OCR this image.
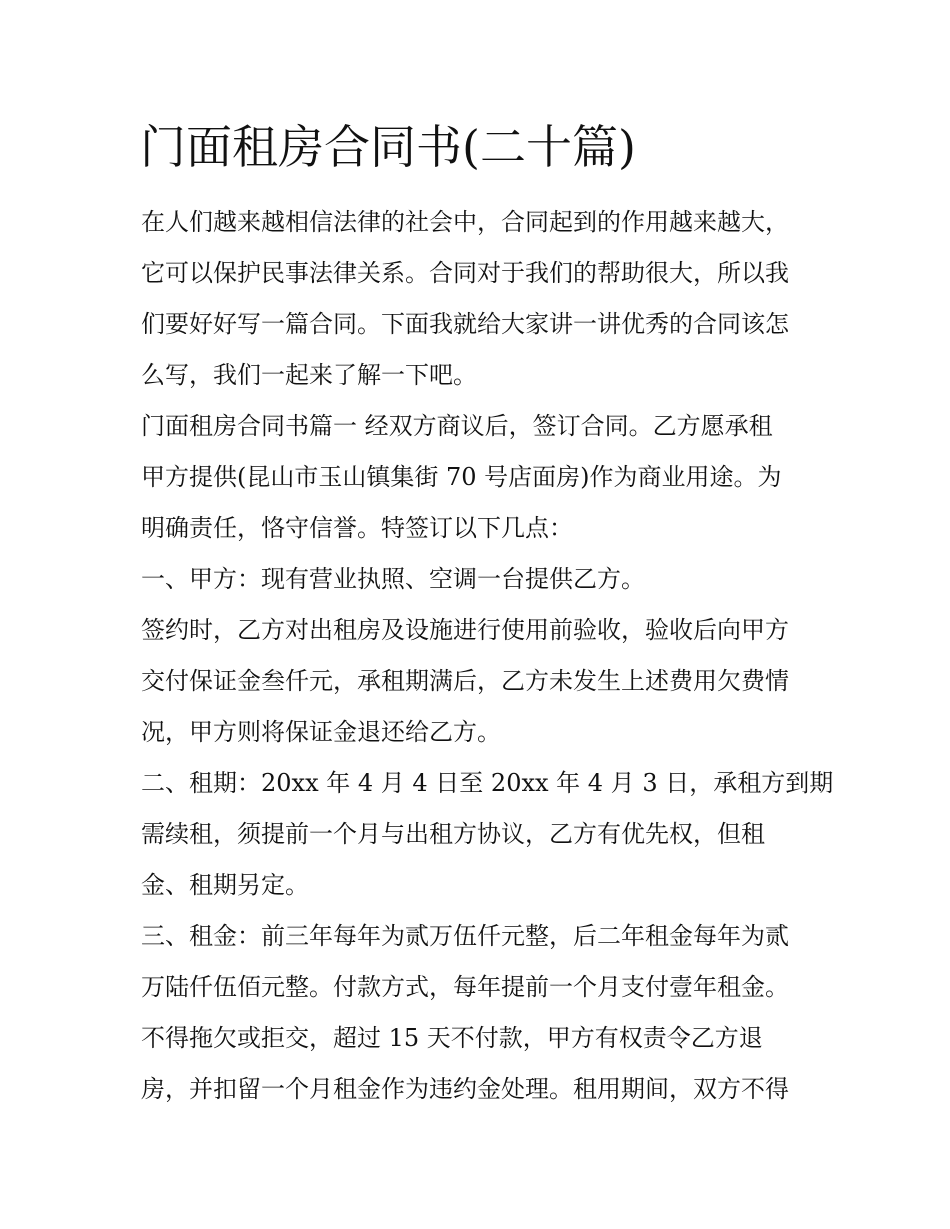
门面租房合同书(二十篇)
在人们越来越相信法律的社会中，合同起到的作用越来越大，
它可以保护民事法律关系。合同对于我们的帮助很大，所以我
们要好好写一篇合同。下面我就给大家讲一讲优秀的合同该怎
么写，我们一起来了解一下吧。
门面租房合同书篇一 经双方商议后，签订合同。乙方愿承租
甲方提供(昆山市玉山镇集街 70 号店面房)作为商业用途。为
明确责任，恪守信誉。特签订以下几点：
一、甲方：现有营业执照、空调一台提供乙方。
签约时，乙方对出租房及设施进行使用前验收，验收后向甲方
交付保证金叁仟元，承租期满后，乙方未发生上述费用欠费情
况，甲方则将保证金退还给乙方。
二、租期：20xx 年 4 月 4 日至 20xx 年 4 月 3 日，承租方到期
需续租，须提前一个月与出租方协议，乙方有优先权，但租
金、租期另定。
三、租金：前三年每年为贰万伍仟元整，后二年租金每年为贰
万陆仟伍佰元整。付款方式，每年提前一个月支付壹年租金。
不得拖欠或拒交，超过 15 天不付款，甲方有权责令乙方退
房，并扣留一个月租金作为违约金处理。租用期间，双方不得
